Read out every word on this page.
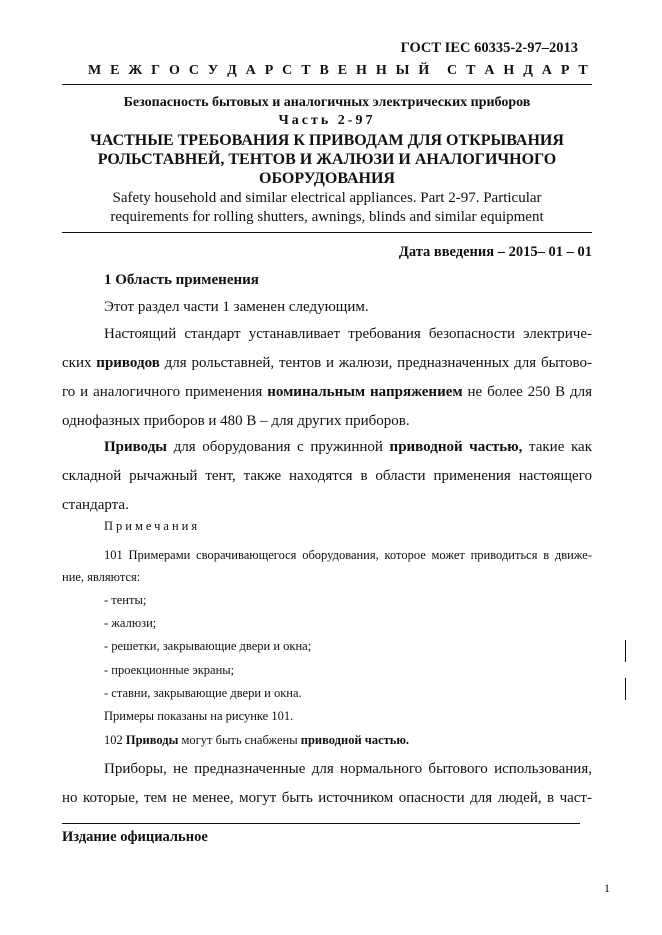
ГОСТ IEC 60335-2-97–2013
М Е Ж Г О С У Д А Р С Т В Е Н Н Ы Й С Т А Н Д А Р Т
Безопасность бытовых и аналогичных электрических приборов
Часть 2-97
ЧАСТНЫЕ ТРЕБОВАНИЯ К ПРИВОДАМ ДЛЯ ОТКРЫВАНИЯ
РОЛЬСТАВНЕЙ, ТЕНТОВ И ЖАЛЮЗИ И АНАЛОГИЧНОГО
ОБОРУДОВАНИЯ
Safety household and similar electrical appliances. Part 2-97. Particular
requirements for rolling shutters, awnings, blinds and similar equipment
Дата введения – 2015– 01 – 01
1 Область применения
Этот раздел части 1 заменен следующим.
Настоящий стандарт устанавливает требования безопасности электриче-
ских приводов для рольставней, тентов и жалюзи, предназначенных для бытово-
го и аналогичного применения номинальным напряжением не более 250 В для
однофазных приборов и 480 В – для других приборов.
Приводы для оборудования с пружинной приводной частью, такие как
складной рычажный тент, также находятся в области применения настоящего
стандарта.
Примечания
101 Примерами сворачивающегося оборудования, которое может приводиться в движе-
ние, являются:
- тенты;
- жалюзи;
- решетки, закрывающие двери и окна;
- проекционные экраны;
- ставни, закрывающие двери и окна.
Примеры показаны на рисунке 101.
102 Приводы могут быть снабжены приводной частью.
Приборы, не предназначенные для нормального бытового использования,
но которые, тем не менее, могут быть источником опасности для людей, в част-
Издание официальное
1
